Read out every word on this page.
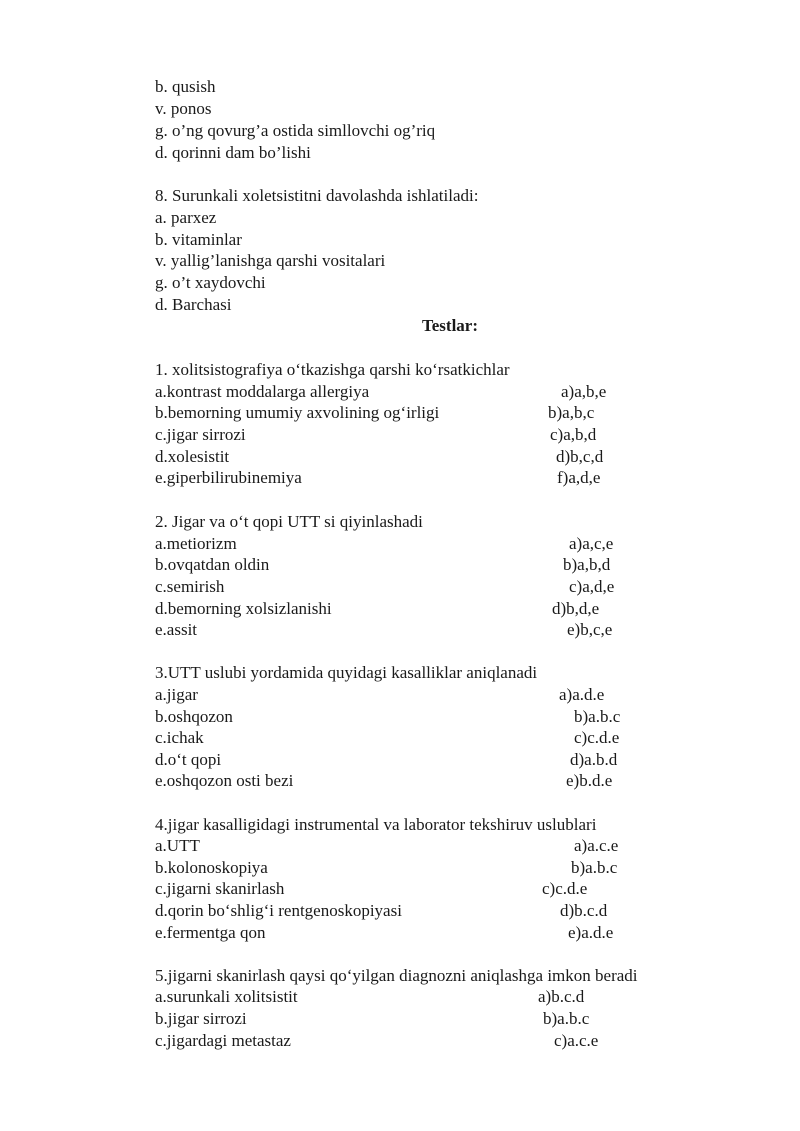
b. qusish
v. ponos
g. o’ng qovurg’a ostida simllovchi og’riq
d. qorinni dam bo’lishi
8. Surunkali xoletsistitni davolashda ishlatiladi:
a. parxez
b. vitaminlar
v. yallig’lanishga qarshi vositalari
g. o’t xaydovchi
d. Barchasi
Testlar:
1. xolitsistografiya o‘tkazishga qarshi ko‘rsatkichlar
a.kontrast moddalarga allergiya	a)a,b,e
b.bemorning umumiy axvolining og‘irligi	b)a,b,c
c.jigar sirrozi	c)a,b,d
d.xolesistit	d)b,c,d
e.giperbilirubinemiya	f)a,d,e
2. Jigar va o‘t qopi UTT si qiyinlashadi
a.metiorizm	a)a,c,e
b.ovqatdan oldin	b)a,b,d
c.semirish	c)a,d,e
d.bemorning xolsizlanishi	d)b,d,e
e.assit	e)b,c,e
3.UTT uslubi yordamida quyidagi kasalliklar aniqlanadi
a.jigar	a)a.d.e
b.oshqozon	b)a.b.c
c.ichak	c)c.d.e
d.o‘t qopi	d)a.b.d
e.oshqozon osti bezi	e)b.d.e
4.jigar kasalligidagi instrumental va laborator tekshiruv uslublari
a.UTT	a)a.c.e
b.kolonoskopiya	b)a.b.c
c.jigarni skanirlash	c)c.d.e
d.qorin bo‘shlig‘i rentgenoskopiyasi	d)b.c.d
e.fermentga qon	e)a.d.e
5.jigarni skanirlash qaysi qo‘yilgan diagnozni aniqlashga imkon beradi
a.surunkali xolitsistit	a)b.c.d
b.jigar sirrozi	b)a.b.c
c.jigardagi metastaz	c)a.c.e
